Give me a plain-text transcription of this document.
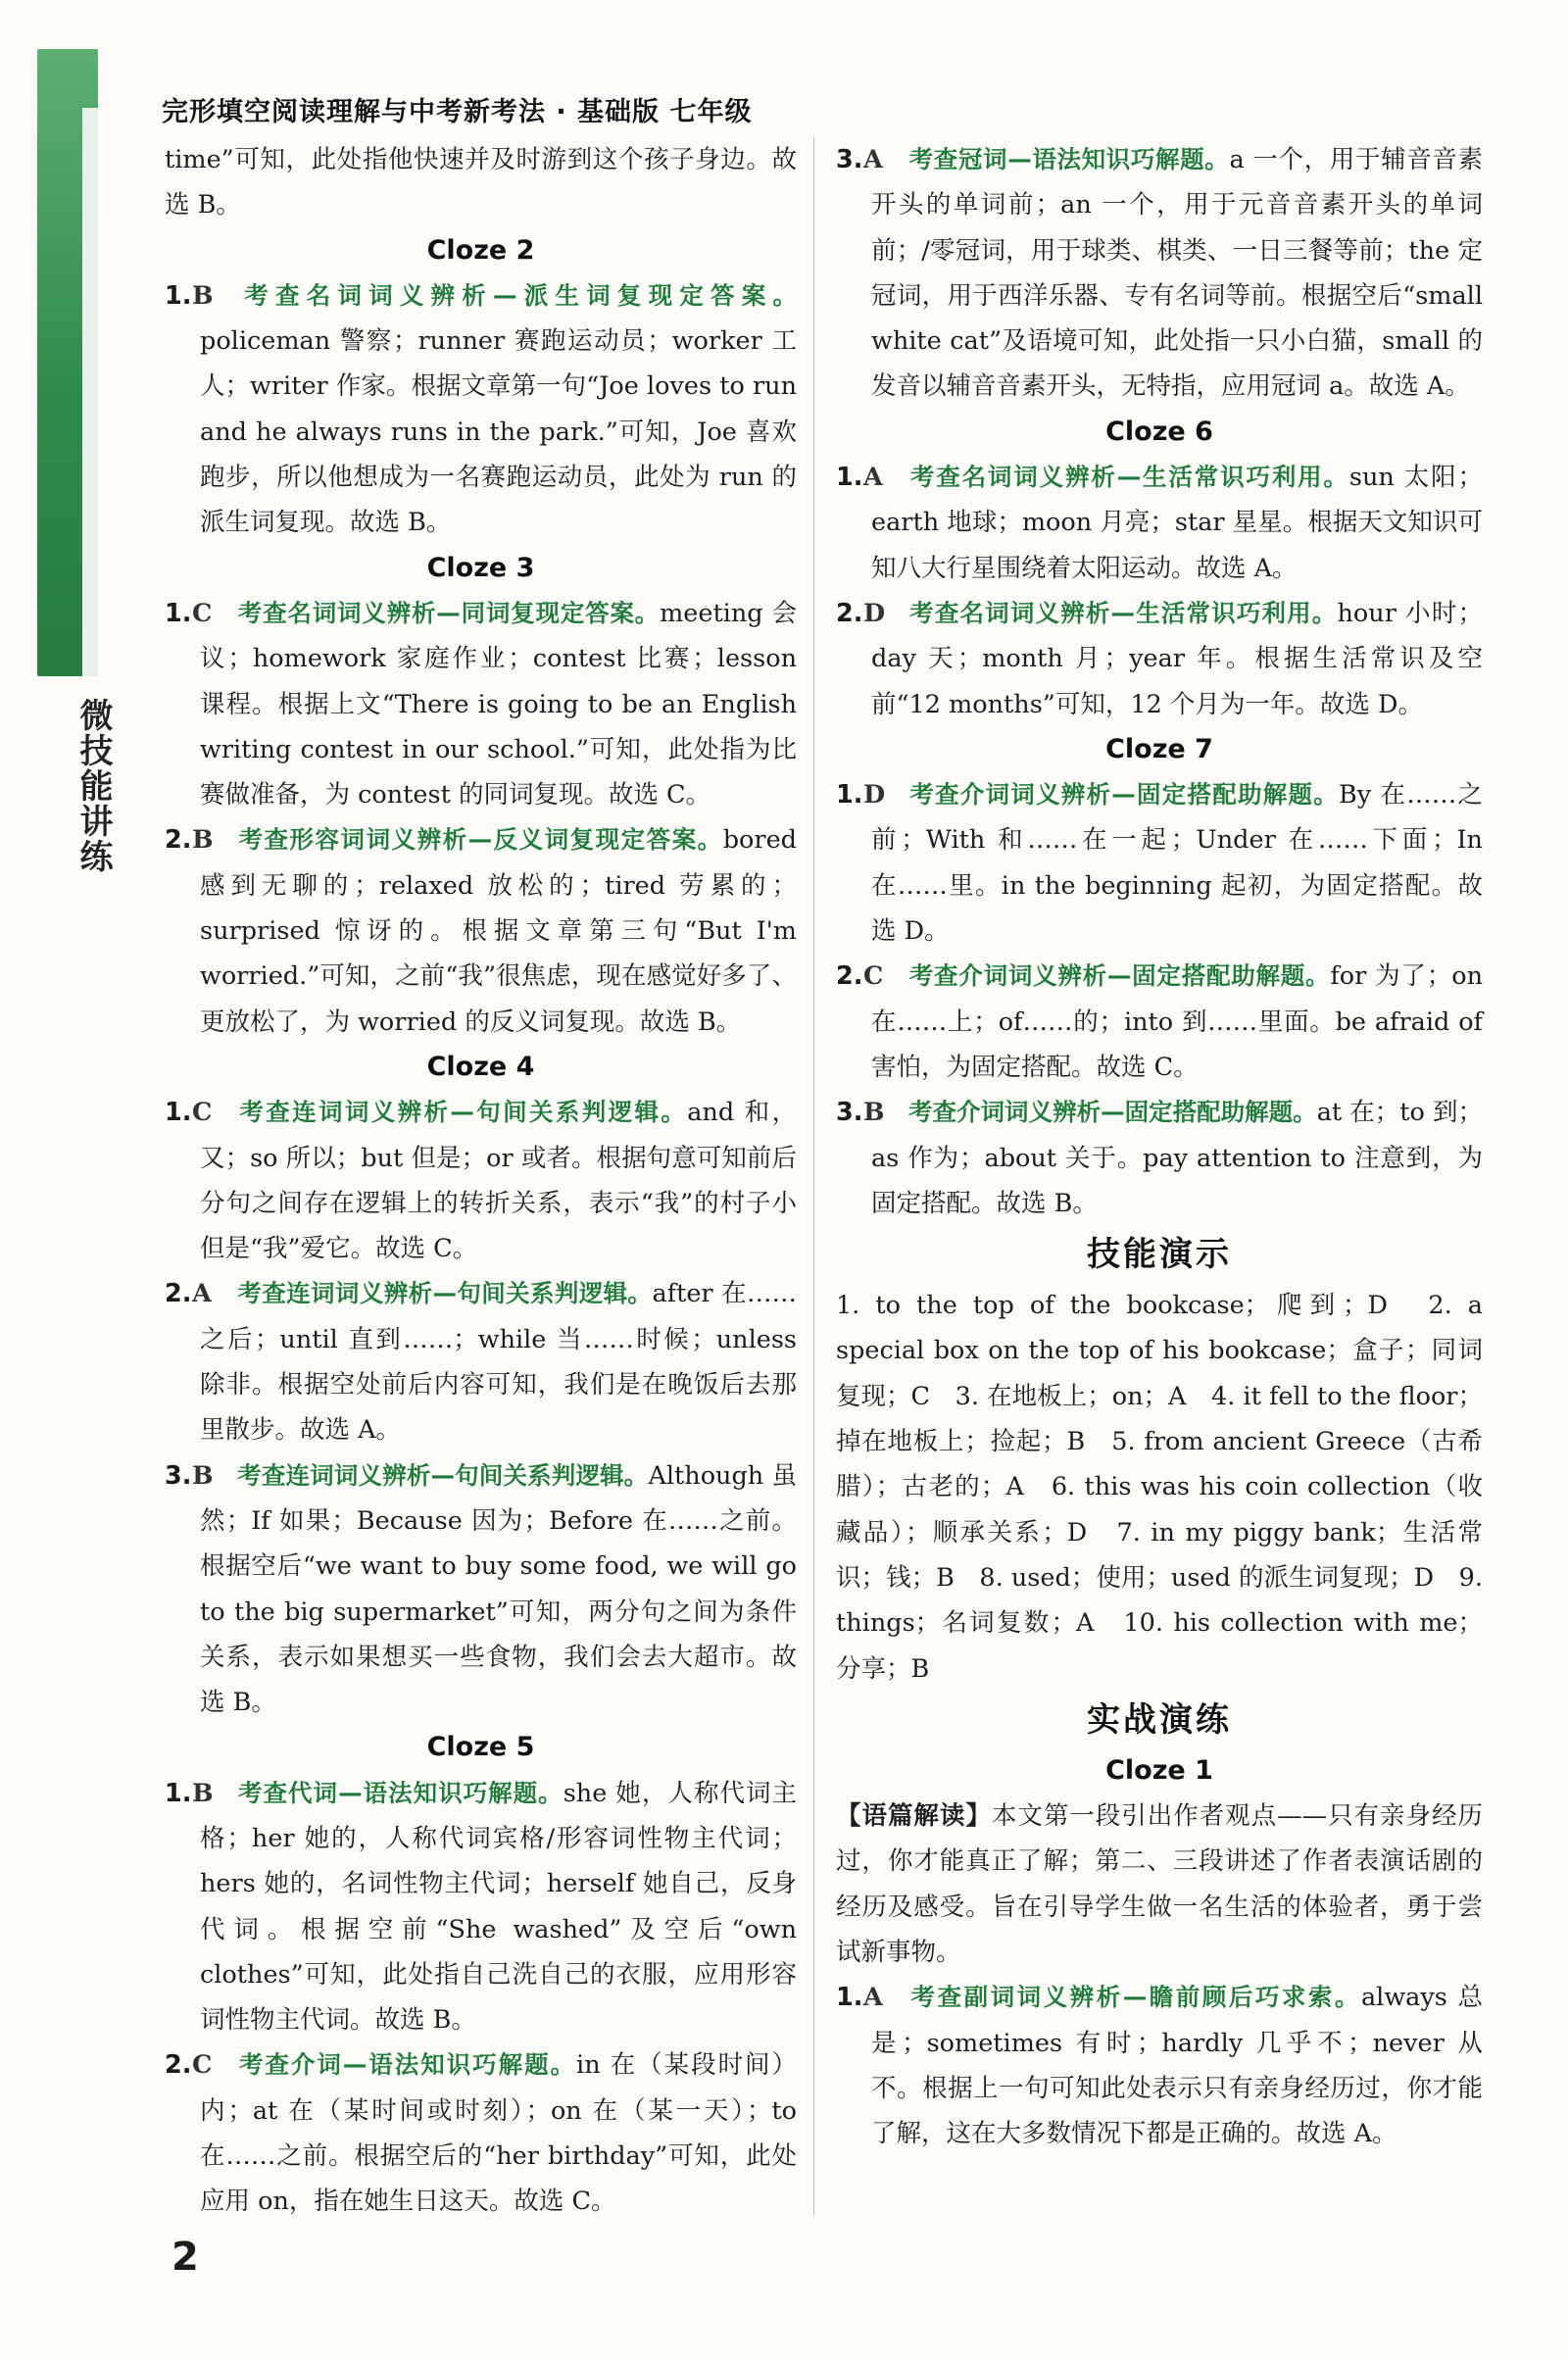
微技能讲练
完形填空阅读理解与中考新考法 · 基础版 七年级

time”可知，此处指他快速并及时游到这个孩子身边。故选 B。

Cloze 2

1.B 考查名词词义辨析—派生词复现定答案。policeman 警察；runner 赛跑运动员；worker 工人；writer 作家。根据文章第一句“Joe loves to run and he always runs in the park.”可知，Joe 喜欢跑步，所以他想成为一名赛跑运动员，此处为 run 的派生词复现。故选 B。

Cloze 3

1.C 考查名词词义辨析—同词复现定答案。meeting 会议；homework 家庭作业；contest 比赛；lesson 课程。根据上文“There is going to be an English writing contest in our school.”可知，此处指为比赛做准备，为 contest 的同词复现。故选 C。

2.B 考查形容词词义辨析—反义词复现定答案。bored 感到无聊的；relaxed 放松的；tired 劳累的；surprised 惊讶的。根据文章第三句“But I'm worried.”可知，之前“我”很焦虑，现在感觉好多了、更放松了，为 worried 的反义词复现。故选 B。

Cloze 4

1.C 考查连词词义辨析—句间关系判逻辑。and 和，又；so 所以；but 但是；or 或者。根据句意可知前后分句之间存在逻辑上的转折关系，表示“我”的村子小但是“我”爱它。故选 C。

2.A 考查连词词义辨析—句间关系判逻辑。after 在……之后；until 直到……；while 当……时候；unless 除非。根据空处前后内容可知，我们是在晚饭后去那里散步。故选 A。

3.B 考查连词词义辨析—句间关系判逻辑。Although 虽然；If 如果；Because 因为；Before 在……之前。根据空后“we want to buy some food, we will go to the big supermarket”可知，两分句之间为条件关系，表示如果想买一些食物，我们会去大超市。故选 B。

Cloze 5

1.B 考查代词—语法知识巧解题。she 她，人称代词主格；her 她的，人称代词宾格/形容词性物主代词；hers 她的，名词性物主代词；herself 她自己，反身代词。根据空前“She washed”及空后“own clothes”可知，此处指自己洗自己的衣服，应用形容词性物主代词。故选 B。

2.C 考查介词—语法知识巧解题。in 在（某段时间）内；at 在（某时间或时刻）；on 在（某一天）；to 在……之前。根据空后的“her birthday”可知，此处应用 on，指在她生日这天。故选 C。

3.A 考查冠词—语法知识巧解题。a 一个，用于辅音音素开头的单词前；an 一个，用于元音音素开头的单词前；/零冠词，用于球类、棋类、一日三餐等前；the 定冠词，用于西洋乐器、专有名词等前。根据空后“small white cat”及语境可知，此处指一只小白猫，small 的发音以辅音音素开头，无特指，应用冠词 a。故选 A。

Cloze 6

1.A 考查名词词义辨析—生活常识巧利用。sun 太阳；earth 地球；moon 月亮；star 星星。根据天文知识可知八大行星围绕着太阳运动。故选 A。

2.D 考查名词词义辨析—生活常识巧利用。hour 小时；day 天；month 月；year 年。根据生活常识及空前“12 months”可知，12 个月为一年。故选 D。

Cloze 7

1.D 考查介词词义辨析—固定搭配助解题。By 在……之前；With 和……在一起；Under 在……下面；In 在……里。in the beginning 起初，为固定搭配。故选 D。

2.C 考查介词词义辨析—固定搭配助解题。for 为了；on 在……上；of……的；into 到……里面。be afraid of 害怕，为固定搭配。故选 C。

3.B 考查介词词义辨析—固定搭配助解题。at 在；to 到；as 作为；about 关于。pay attention to 注意到，为固定搭配。故选 B。

技能演示

1. to the top of the bookcase；爬到；D　2. a special box on the top of his bookcase；盒子；同词复现；C　3. 在地板上；on；A　4. it fell to the floor；掉在地板上；捡起；B　5. from ancient Greece（古希腊）；古老的；A　6. this was his coin collection（收藏品）；顺承关系；D　7. in my piggy bank；生活常识；钱；B　8. used；使用；used 的派生词复现；D　9. things；名词复数；A　10. his collection with me；分享；B

实战演练
Cloze 1

【语篇解读】本文第一段引出作者观点——只有亲身经历过，你才能真正了解；第二、三段讲述了作者表演话剧的经历及感受。旨在引导学生做一名生活的体验者，勇于尝试新事物。

1.A 考查副词词义辨析—瞻前顾后巧求索。always 总是；sometimes 有时；hardly 几乎不；never 从不。根据上一句可知此处表示只有亲身经历过，你才能了解，这在大多数情况下都是正确的。故选 A。

2
